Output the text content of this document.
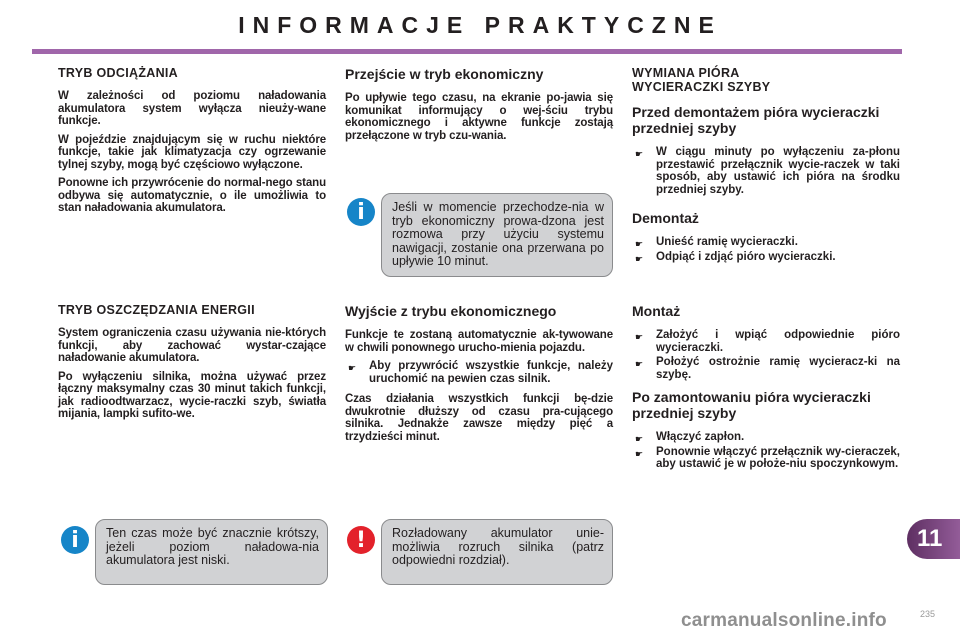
INFORMACJE PRAKTYCZNE
TRYB ODCIĄŻANIA

W zależności od poziomu naładowania akumulatora system wyłącza nieuży-wane funkcje.

W pojeździe znajdującym się w ruchu niektóre funkcje, takie jak klimatyzacja czy ogrzewanie tylnej szyby, mogą być częściowo wyłączone.

Ponowne ich przywrócenie do normal-nego stanu odbywa się automatycznie, o ile umożliwia to stan naładowania akumulatora.

TRYB OSZCZĘDZANIA ENERGII

System ograniczenia czasu używania nie-których funkcji, aby zachować wystar-czające naładowanie akumulatora.

Po wyłączeniu silnika, można używać przez łączny maksymalny czas 30 minut takich funkcji, jak radioodtwarzacz, wycie-raczki szyb, światła mijania, lampki sufito-we.

i	Ten czas może być znacznie krótszy, jeżeli poziom naładowa-nia akumulatora jest niski.
Przejście w tryb ekonomiczny

Po upływie tego czasu, na ekranie po-jawia się komunikat informujący o wej-ściu trybu ekonomicznego i aktywne funkcje zostają przełączone w tryb czu-wania.

i	Jeśli w momencie przechodze-nia w tryb ekonomiczny prowa-dzona jest rozmowa przy użyciu systemu nawigacji, zostanie ona przerwana po upływie 10 minut.
Wyjście z trybu ekonomicznego

Funkcje te zostaną automatycznie ak-tywowane w chwili ponownego urucho-mienia pojazdu.

☛ Aby przywrócić wszystkie funkcje, należy uruchomić na pewien czas silnik.

Czas działania wszystkich funkcji bę-dzie dwukrotnie dłuższy od czasu pra-cującego silnika. Jednakże zawsze między pięć a trzydzieści minut.

!	Rozładowany akumulator unie-możliwia rozruch silnika (patrz odpowiedni rozdział).
WYMIANA PIÓRA WYCIERACZKI SZYBY
Przed demontażem pióra wycieraczki przedniej szyby
☛ W ciągu minuty po wyłączeniu za-płonu przestawić przełącznik wycie-raczek w taki sposób, aby ustawić ich pióra na środku przedniej szyby.
Demontaż
☛ Unieść ramię wycieraczki.
☛ Odpiąć i zdjąć pióro wycieraczki.
Montaż
☛ Założyć i wpiąć odpowiednie pióro wycieraczki.
☛ Położyć ostrożnie ramię wycieracz-ki na szybę.
Po zamontowaniu pióra wycieraczki przedniej szyby
☛ Włączyć zapłon.
☛ Ponownie włączyć przełącznik wy-cieraczek, aby ustawić je w położe-niu spoczynkowym.
11
carmanualsonline.info	235
